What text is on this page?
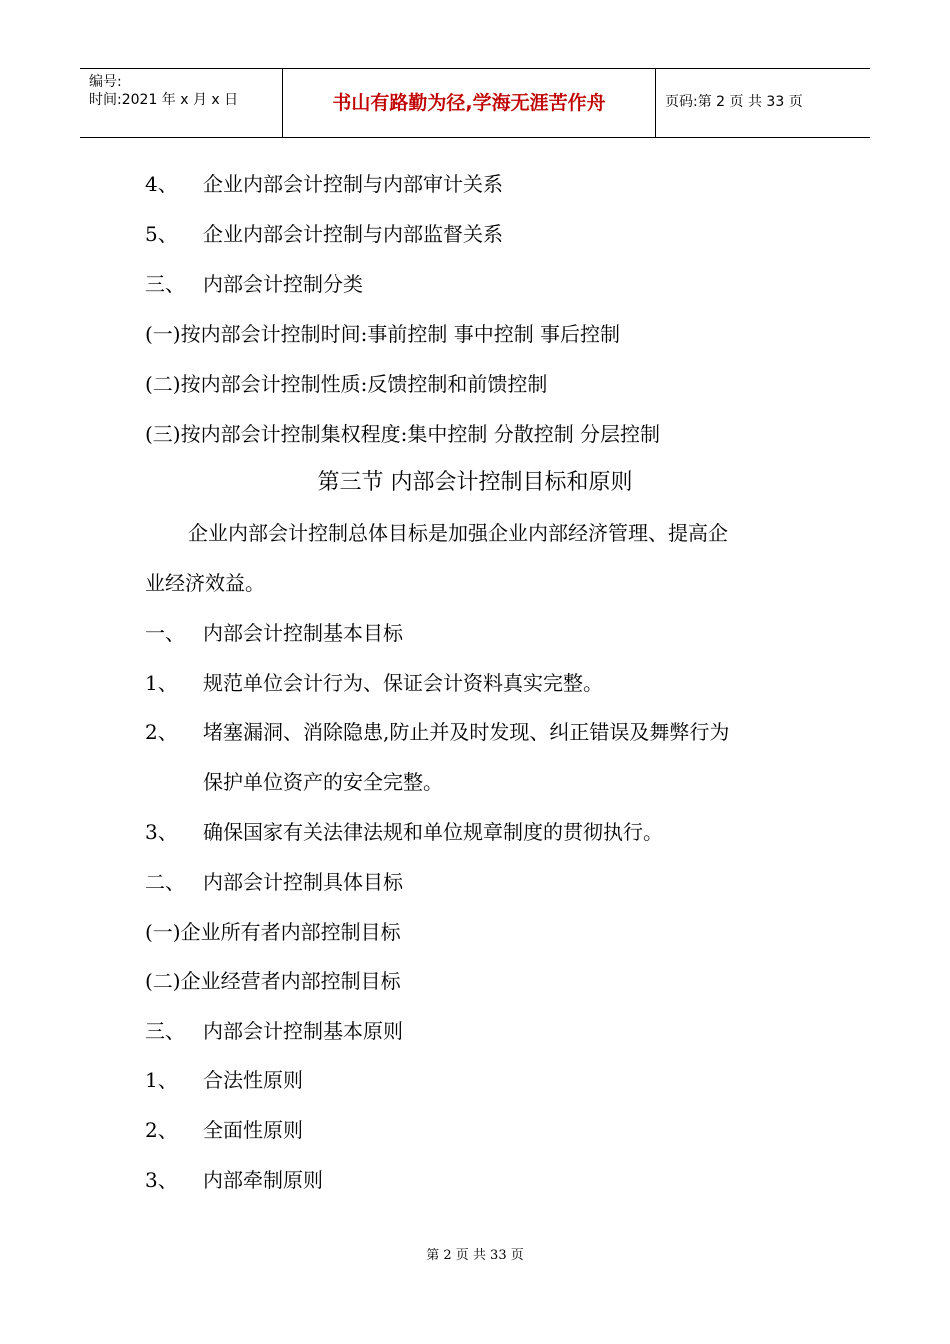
编号:
时间:2021 年 x 月 x 日	书山有路勤为径,学海无涯苦作舟	页码:第 2 页 共 33 页
4、 企业内部会计控制与内部审计关系
5、 企业内部会计控制与内部监督关系
三、 内部会计控制分类
(一)按内部会计控制时间:事前控制 事中控制 事后控制
(二)按内部会计控制性质:反馈控制和前馈控制
(三)按内部会计控制集权程度:集中控制 分散控制 分层控制
第三节 内部会计控制目标和原则
企业内部会计控制总体目标是加强企业内部经济管理、提高企
业经济效益。
一、 内部会计控制基本目标
1、 规范单位会计行为、保证会计资料真实完整。
2、 堵塞漏洞、消除隐患,防止并及时发现、纠正错误及舞弊行为
保护单位资产的安全完整。
3、 确保国家有关法律法规和单位规章制度的贯彻执行。
二、 内部会计控制具体目标
(一)企业所有者内部控制目标
(二)企业经营者内部控制目标
三、 内部会计控制基本原则
1、 合法性原则
2、 全面性原则
3、 内部牵制原则
第 2 页 共 33 页
